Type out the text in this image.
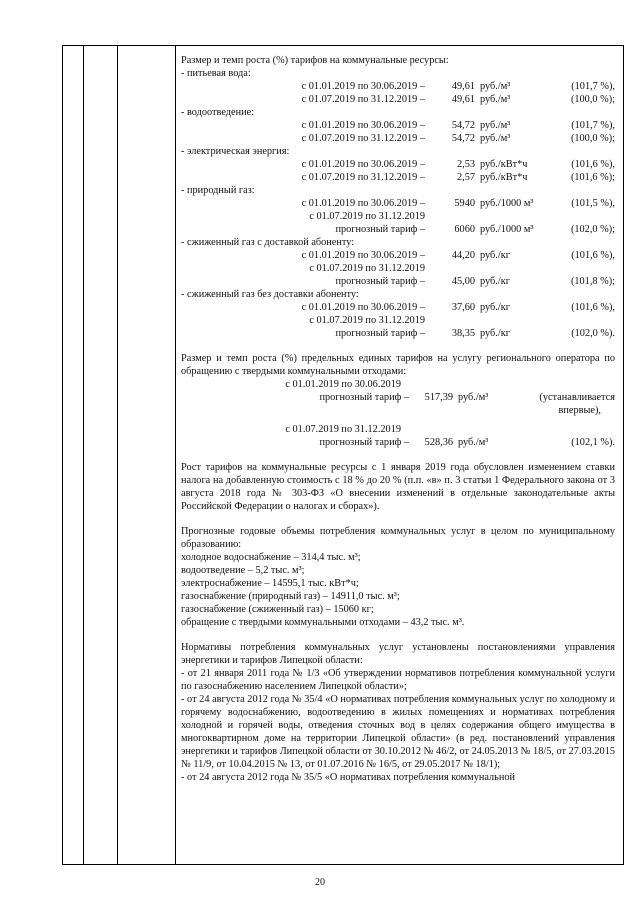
Размер и темп роста (%) тарифов на коммунальные ресурсы:

- питьевая вода:

с 01.01.2019 по 30.06.2019 –	49,61 руб./м³	(101,7 %),
с 01.07.2019 по 31.12.2019 –	49,61 руб./м³	(100,0 %);

- водоотведение:

с 01.01.2019 по 30.06.2019 –	54,72 руб./м³	(101,7 %),
с 01.07.2019 по 31.12.2019 –	54,72 руб./м³	(100,0 %);

- электрическая энергия:

с 01.01.2019 по 30.06.2019 –	2,53 руб./кВт*ч	(101,6 %),
с 01.07.2019 по 31.12.2019 –	2,57 руб./кВт*ч	(101,6 %);

- природный газ:

с 01.01.2019 по 30.06.2019 –	5940 руб./1000 м³	(101,5 %),
с 01.07.2019 по 31.12.2019
прогнозный тариф –	6060 руб./1000 м³	(102,0 %);

- сжиженный газ с доставкой абоненту:

с 01.01.2019 по 30.06.2019 –	44,20 руб./кг	(101,6 %),
с 01.07.2019 по 31.12.2019
прогнозный тариф –	45,00 руб./кг	(101,8 %);

- сжиженный газ без доставки абоненту:

с 01.01.2019 по 30.06.2019 –	37,60 руб./кг	(101,6 %),
с 01.07.2019 по 31.12.2019
прогнозный тариф –	38,35 руб./кг	(102,0 %).

Размер и темп роста (%) предельных единых тарифов на услугу регионального оператора по обращению с твердыми коммунальными отходами:

с 01.01.2019 по 30.06.2019
прогнозный тариф –	517,39 руб./м³	(устанавливается
впервые),
с 01.07.2019 по 31.12.2019
прогнозный тариф –	528,36 руб./м³	(102,1 %).

Рост тарифов на коммунальные ресурсы с 1 января 2019 года обусловлен изменением ставки налога на добавленную стоимость с 18 % до 20 % (п.п. «в» п. 3 статьи 1 Федерального закона от 3 августа 2018 года № 303-ФЗ «О внесении изменений в отдельные законодательные акты Российской Федерации о налогах и сборах»).

Прогнозные годовые объемы потребления коммунальных услуг в целом по муниципальному образованию:

холодное водоснабжение – 314,4 тыс. м³;

водоотведение – 5,2 тыс. м³;

электроснабжение – 14595,1 тыс. кВт*ч;

газоснабжение (природный газ) – 14911,0 тыс. м³;

газоснабжение (сжиженный газ) – 15060 кг;

обращение с твердыми коммунальными отходами – 43,2 тыс. м³.

Нормативы потребления коммунальных услуг установлены постановлениями управления энергетики и тарифов Липецкой области:

- от 21 января 2011 года № 1/3 «Об утверждении нормативов потребления коммунальной услуги по газоснабжению населением Липецкой области»;

- от 24 августа 2012 года № 35/4 «О нормативах потребления коммунальных услуг по холодному и горячему водоснабжению, водоотведению в жилых помещениях и нормативах потребления холодной и горячей воды, отведения сточных вод в целях содержания общего имущества в многоквартирном доме на территории Липецкой области» (в ред. постановлений управления энергетики и тарифов Липецкой области от 30.10.2012 № 46/2, от 24.05.2013 № 18/5, от 27.03.2015 № 11/9, от 10.04.2015 № 13, от 01.07.2016 № 16/5, от 29.05.2017 № 18/1);

- от 24 августа 2012 года № 35/5 «О нормативах потребления коммунальной

20
